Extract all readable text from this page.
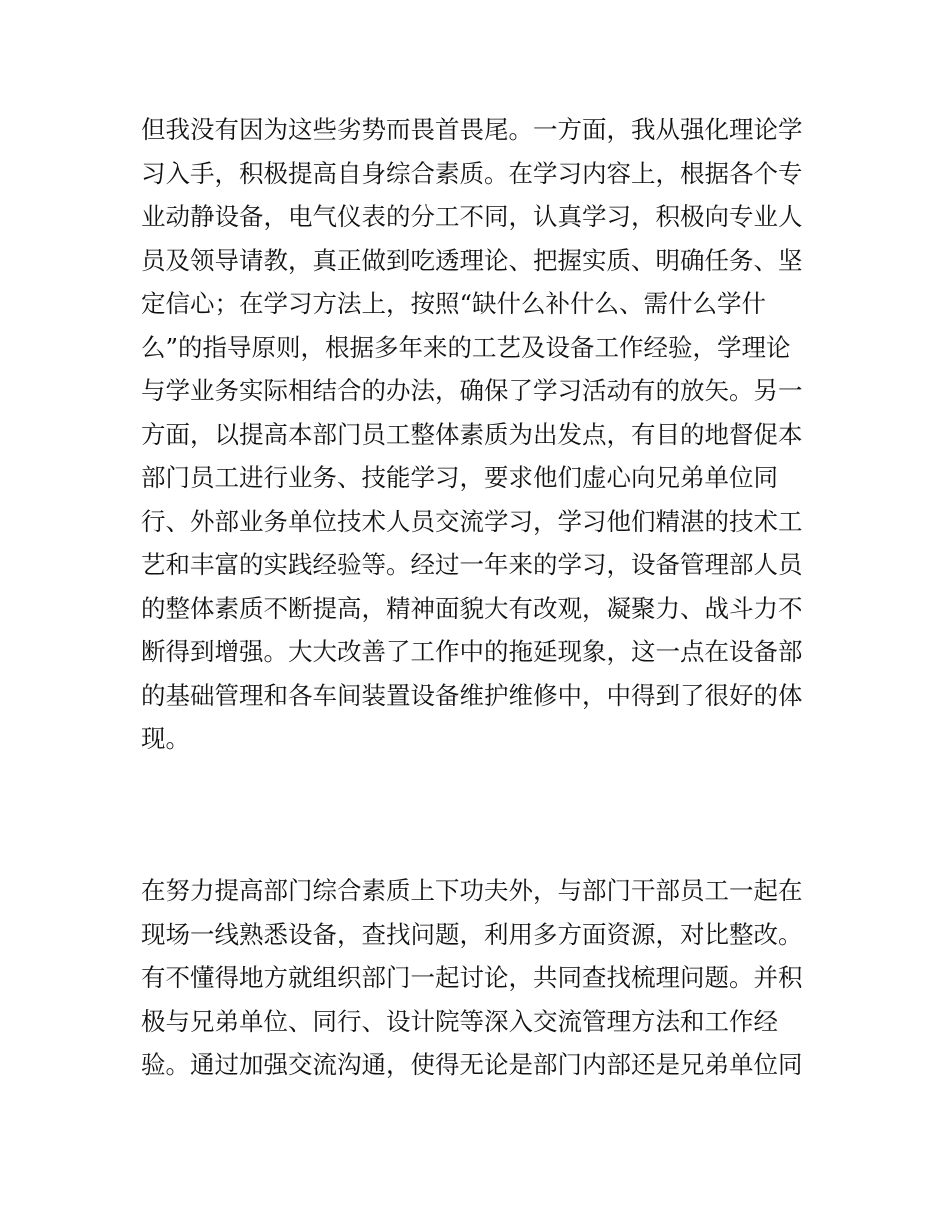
但我没有因为这些劣势而畏首畏尾。一方面，我从强化理论学
习入手，积极提高自身综合素质。在学习内容上，根据各个专
业动静设备，电气仪表的分工不同，认真学习，积极向专业人
员及领导请教，真正做到吃透理论、把握实质、明确任务、坚
定信心；在学习方法上，按照“缺什么补什么、需什么学什
么”的指导原则，根据多年来的工艺及设备工作经验，学理论
与学业务实际相结合的办法，确保了学习活动有的放矢。另一
方面，以提高本部门员工整体素质为出发点，有目的地督促本
部门员工进行业务、技能学习，要求他们虚心向兄弟单位同
行、外部业务单位技术人员交流学习，学习他们精湛的技术工
艺和丰富的实践经验等。经过一年来的学习，设备管理部人员
的整体素质不断提高，精神面貌大有改观，凝聚力、战斗力不
断得到增强。大大改善了工作中的拖延现象，这一点在设备部
的基础管理和各车间装置设备维护维修中，中得到了很好的体
现。
在努力提高部门综合素质上下功夫外，与部门干部员工一起在
现场一线熟悉设备，查找问题，利用多方面资源，对比整改。
有不懂得地方就组织部门一起讨论，共同查找梳理问题。并积
极与兄弟单位、同行、设计院等深入交流管理方法和工作经
验。通过加强交流沟通，使得无论是部门内部还是兄弟单位同
